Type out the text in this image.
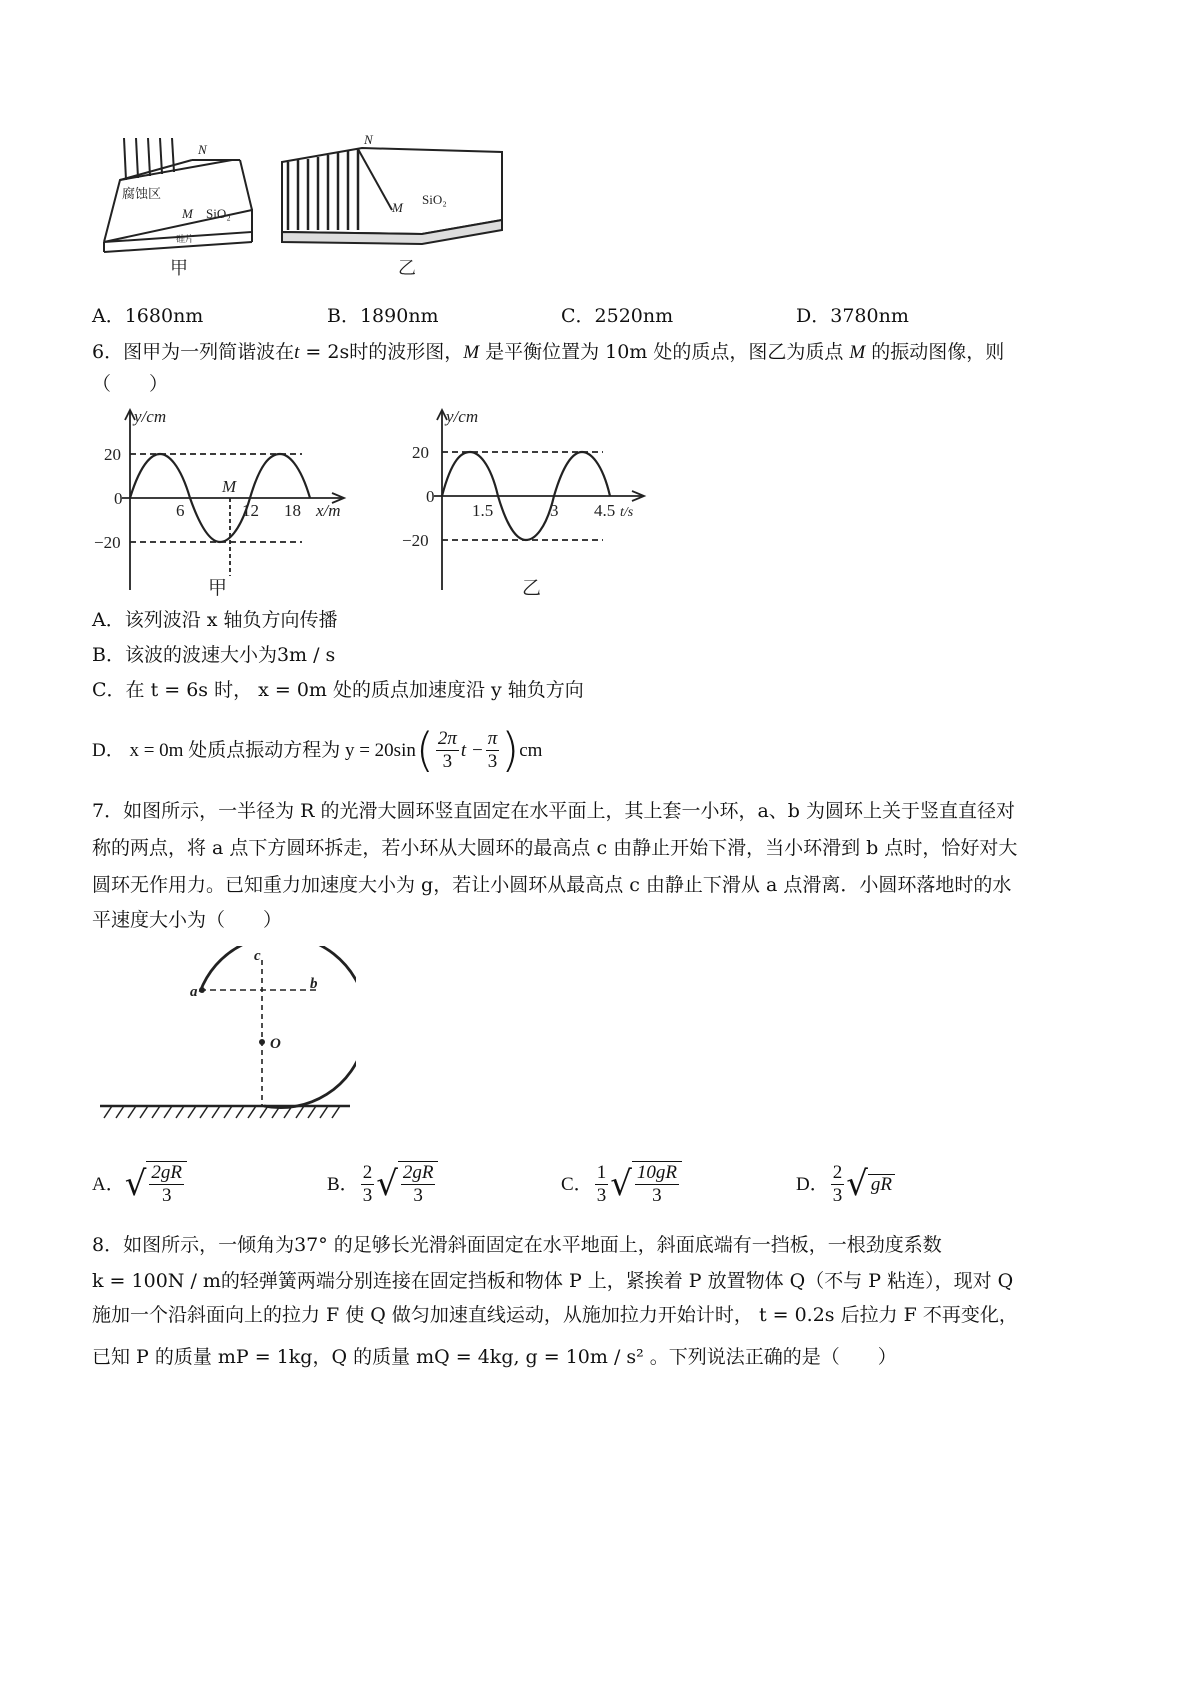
N
腐蚀区
M SiO₂
硅片
N
M
SiO₂
甲	乙
A．1680nm	B．1890nm	C．2520nm	D．3780nm
6．图甲为一列简谐波在t = 2s时的波形图，M 是平衡位置为 10m 处的质点，图乙为质点 M 的振动图像，则
（　　）
y/cm
20
0
−20
6	12 18 x/m
M
甲
y/cm
20
0
−20
1.5	3 4.5 t/s
乙
A．该列波沿 x 轴负方向传播
B．该波的波速大小为3m / s
C．在 t = 6s 时， x = 0m 处的质点加速度沿 y 轴负方向
D． x = 0m 处质点振动方程为 y = 20sin ( $\frac{2\pi}{3}$ $t - \frac{\pi}{3}$ ) cm
7．如图所示，一半径为 R 的光滑大圆环竖直固定在水平面上，其上套一小环，a、b 为圆环上关于竖直直径对
称的两点，将 a 点下方圆环拆走，若小环从大圆环的最高点 c 由静止开始下滑，当小环滑到 b 点时，恰好对大
圆环无作用力。已知重力加速度大小为 g，若让小圆环从最高点 c 由静止下滑从 a 点滑离．小圆环落地时的水
平速度大小为（　　）
a	b
c
O
A． √ $\frac{2gR}{3}$	B． $\frac{2}{3}$ √ $\frac{2gR}{3}$	C． $\frac{1}{3}$ √ $\frac{10gR}{3}$	D． $\frac{2}{3}$ √ gR
8．如图所示，一倾角为37° 的足够长光滑斜面固定在水平地面上，斜面底端有一挡板，一根劲度系数
k = 100N / m的轻弹簧两端分别连接在固定挡板和物体 P 上，紧挨着 P 放置物体 Q（不与 P 粘连），现对 Q
施加一个沿斜面向上的拉力 F 使 Q 做匀加速直线运动，从施加拉力开始计时， t = 0.2s 后拉力 F 不再变化，
已知 P 的质量 mP = 1kg，Q 的质量 mQ = 4kg, g = 10m / s² 。下列说法正确的是（　　）
